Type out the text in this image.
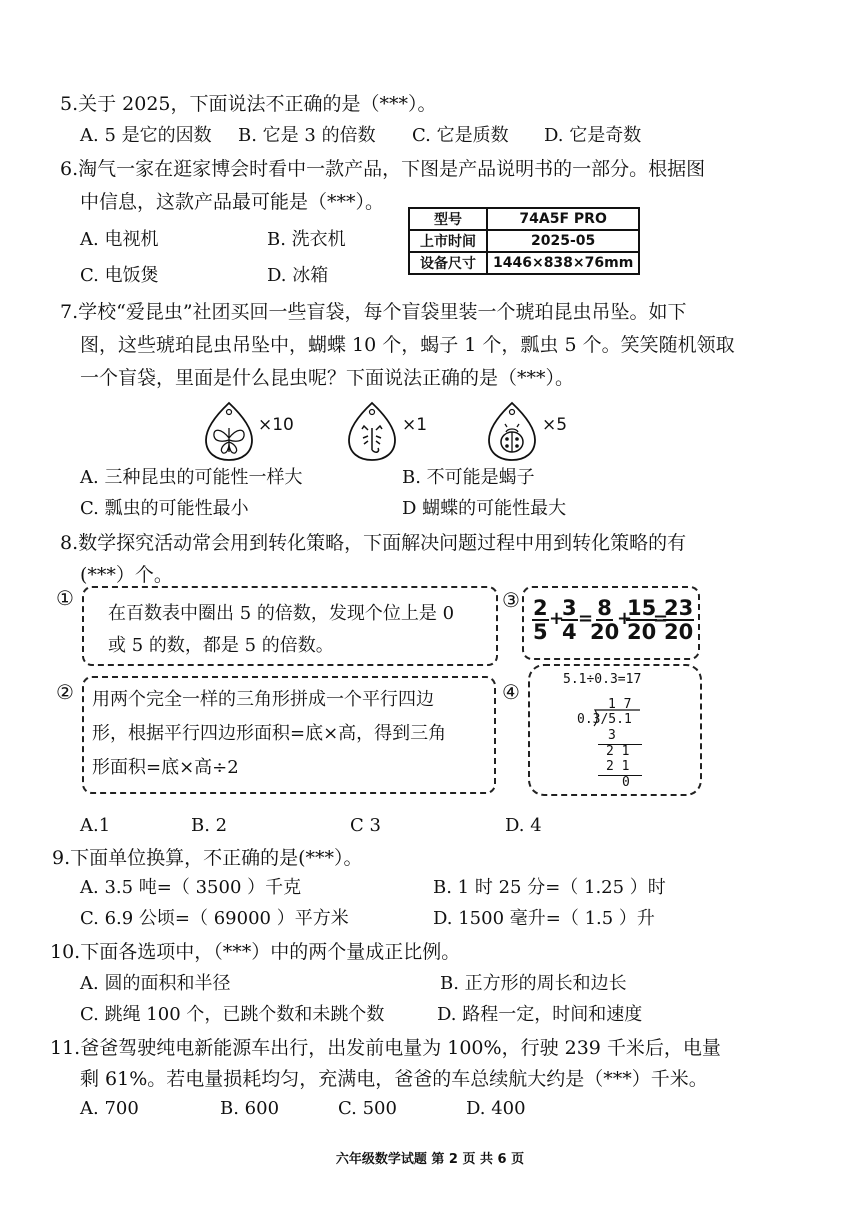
5.关于 2025，下面说法不正确的是（***）。
A. 5 是它的因数 B. 它是 3 的倍数 C. 它是质数 D. 它是奇数
6.淘气一家在逛家博会时看中一款产品，下图是产品说明书的一部分。根据图
中信息，这款产品最可能是（***）。
A. 电视机	B. 洗衣机
C. 电饭煲	D. 冰箱
型号	74A5F PRO
上市时间	2025-05
设备尺寸	1446×838×76mm
7.学校“爱昆虫”社团买回一些盲袋，每个盲袋里装一个琥珀昆虫吊坠。如下
图，这些琥珀昆虫吊坠中，蝴蝶 10 个，蝎子 1 个，瓢虫 5 个。笑笑随机领取
一个盲袋，里面是什么昆虫呢？下面说法正确的是（***）。
×10	×1	×5
A. 三种昆虫的可能性一样大	B. 不可能是蝎子
C. 瓢虫的可能性最小	D 蝴蝶的可能性最大
8.数学探究活动常会用到转化策略，下面解决问题过程中用到转化策略的有
(***）个。
①
在百数表中圈出 5 的倍数，发现个位上是 0
或 5 的数，都是 5 的倍数。
② 用两个完全一样的三角形拼成一个平行四边
形，根据平行四边形面积=底×高，得到三角
形面积=底×高÷2
③ $\frac{2}{5}$ +
$\frac{3}{4}$ =
$\frac{8}{20}$
+
$\frac{15}{20}$
=
$\frac{23}{20}$
④
5.1÷0.3=17
1 7
0.3/5.1
3
2 1
2 1
0
A.1	B. 2	C 3	D. 4
9.下面单位换算，不正确的是(***）。
A. 3.5 吨=（ 3500 ）千克	B. 1 时 25 分=（ 1.25 ）时
C. 6.9 公顷=（ 69000 ）平方米	D. 1500 毫升=（ 1.5 ）升
10.下面各选项中，（***）中的两个量成正比例。
A. 圆的面积和半径	B. 正方形的周长和边长
C. 跳绳 100 个，已跳个数和未跳个数	D. 路程一定，时间和速度
11.爸爸驾驶纯电新能源车出行，出发前电量为 100%，行驶 239 千米后，电量
剩 61%。若电量损耗均匀，充满电，爸爸的车总续航大约是（***）千米。
A. 700	B. 600	C. 500	D. 400
六年级数学试题 第 2 页 共 6 页
